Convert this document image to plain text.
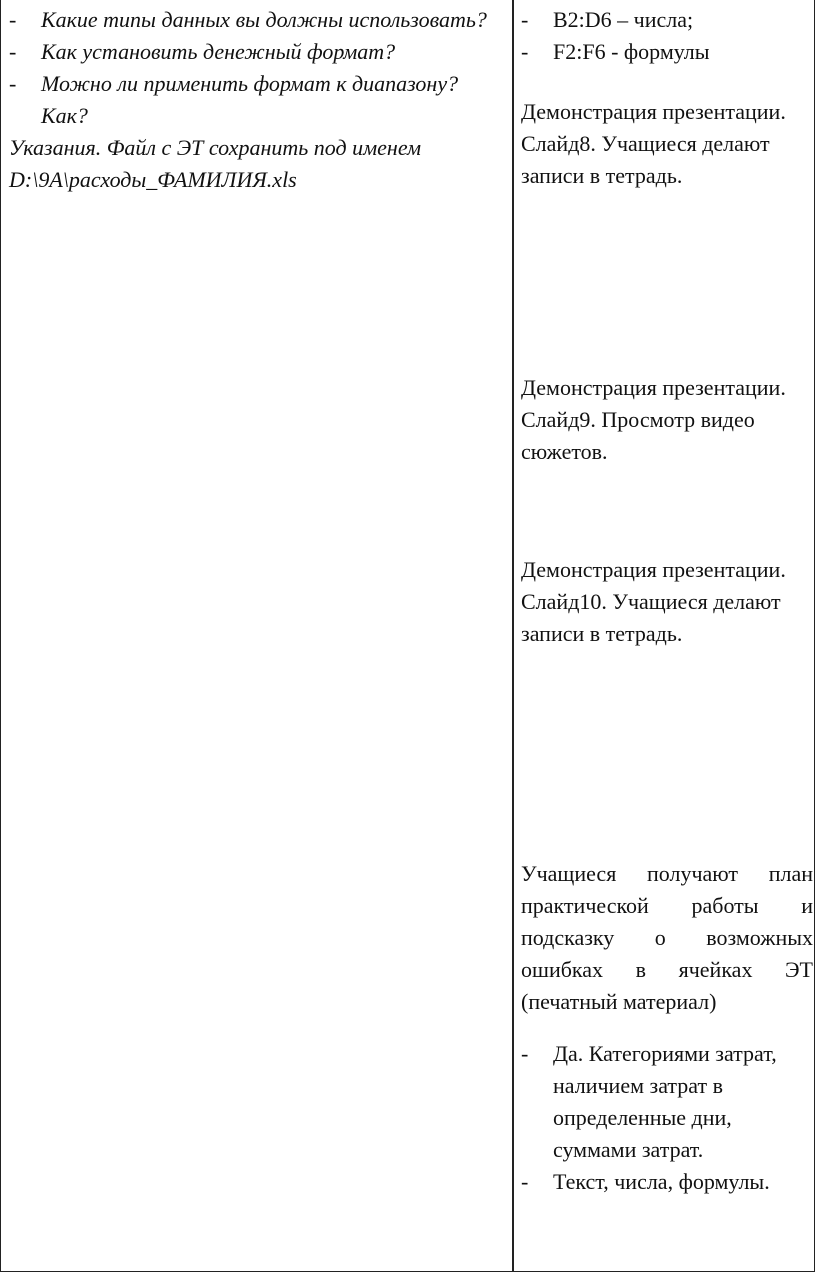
- Какие типы данных вы должны использовать?
- Как установить денежный формат?
- Можно ли применить формат к диапазону? Как?

Указания. Файл с ЭТ сохранить под именем D:\9А\расходы_ФАМИЛИЯ.xls

- B2:D6 – числа;
- F2:F6 - формулы

Демонстрация презентации. Слайд8. Учащиеся делают записи в тетрадь.

Демонстрация презентации. Слайд9. Просмотр видео сюжетов.

Демонстрация презентации. Слайд10. Учащиеся делают записи в тетрадь.

Учащиеся получают план практической работы и подсказку о возможных ошибках в ячейках ЭТ (печатный материал)

- Да. Категориями затрат, наличием затрат в определенные дни, суммами затрат.
- Текст, числа, формулы.
